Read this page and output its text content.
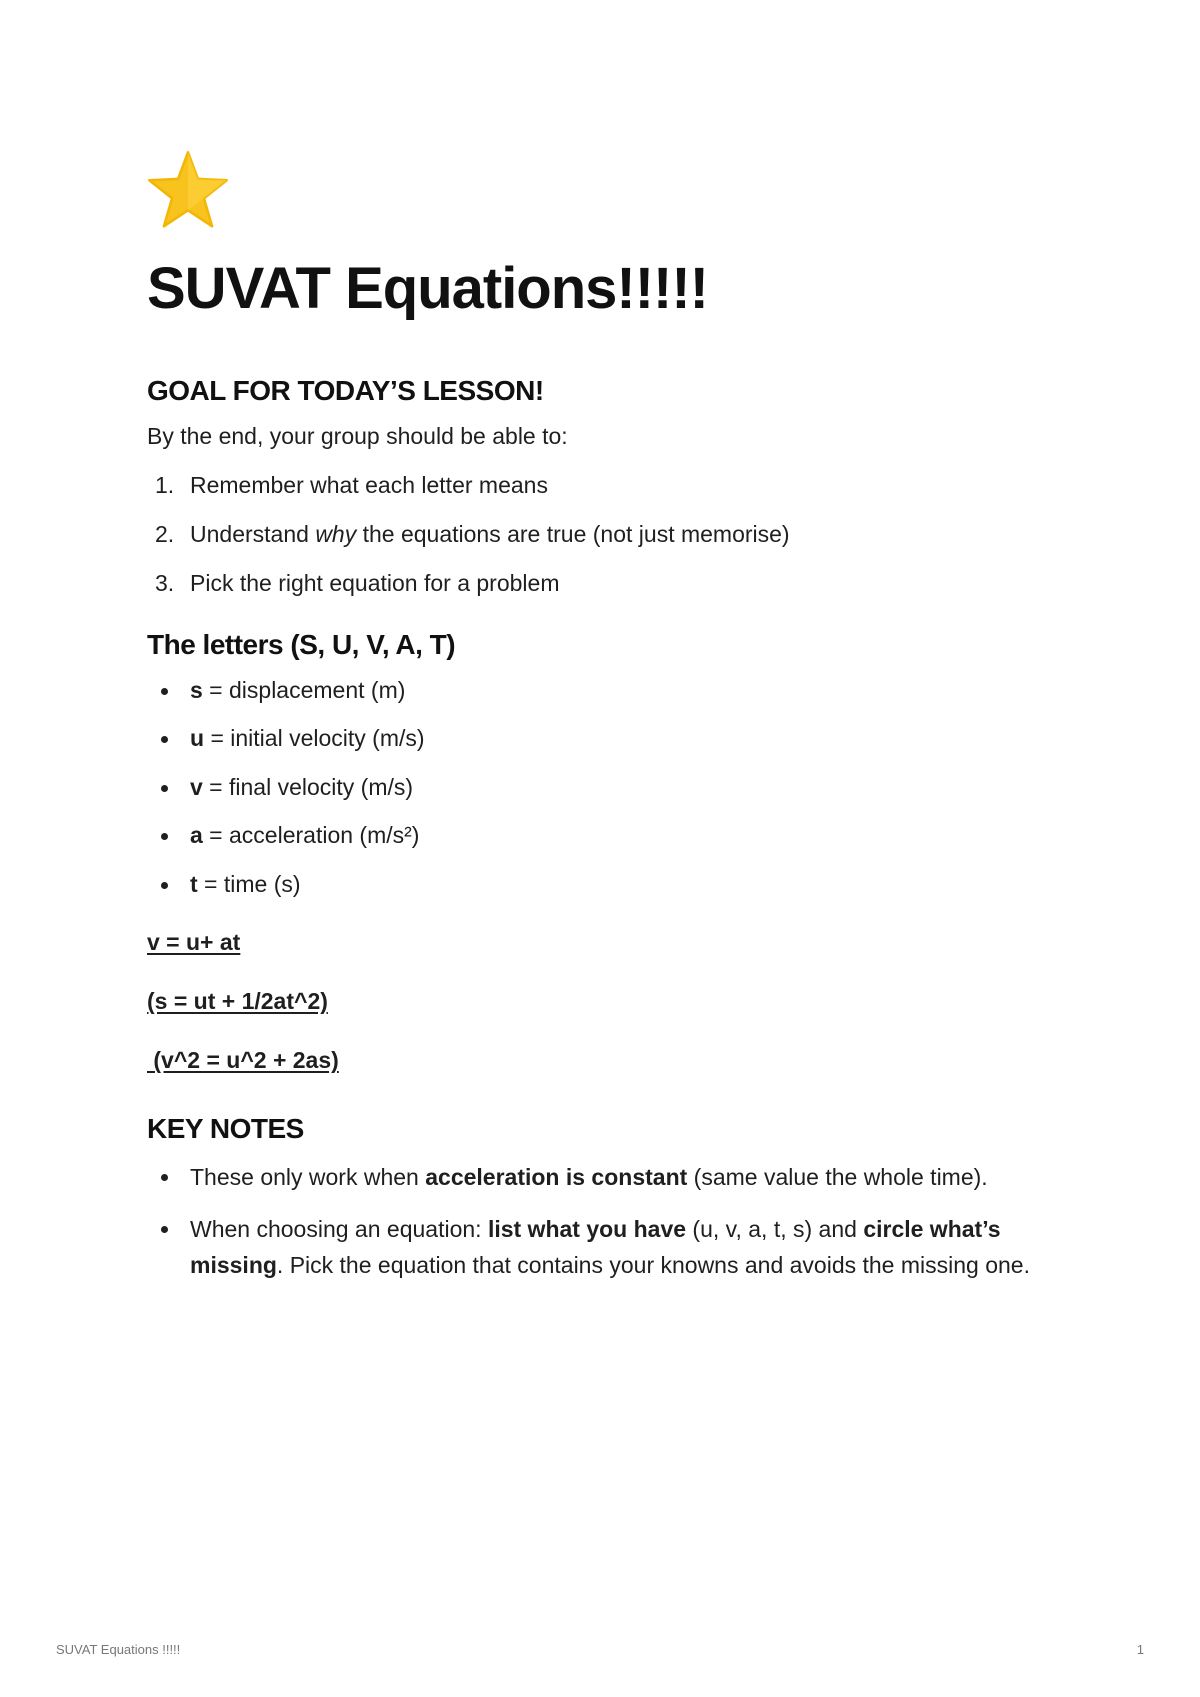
SUVAT Equations!!!!!
GOAL FOR TODAY’S LESSON!

By the end, your group should be able to:

1. Remember what each letter means
2. Understand why the equations are true (not just memorise)
3. Pick the right equation for a problem
The letters (S, U, V, A, T)
s = displacement (m)
u = initial velocity (m/s)
v = final velocity (m/s)
a = acceleration (m/s²)
t = time (s)

v = u+ at

(s = ut + 1/2at^2)

(v^2 = u^2 + 2as)

KEY NOTES
These only work when acceleration is constant (same value the whole time).
When choosing an equation: list what you have (u, v, a, t, s) and circle what’s missing. Pick the equation that contains your knowns and avoids the missing one.
SUVAT Equations !!!!!	1
